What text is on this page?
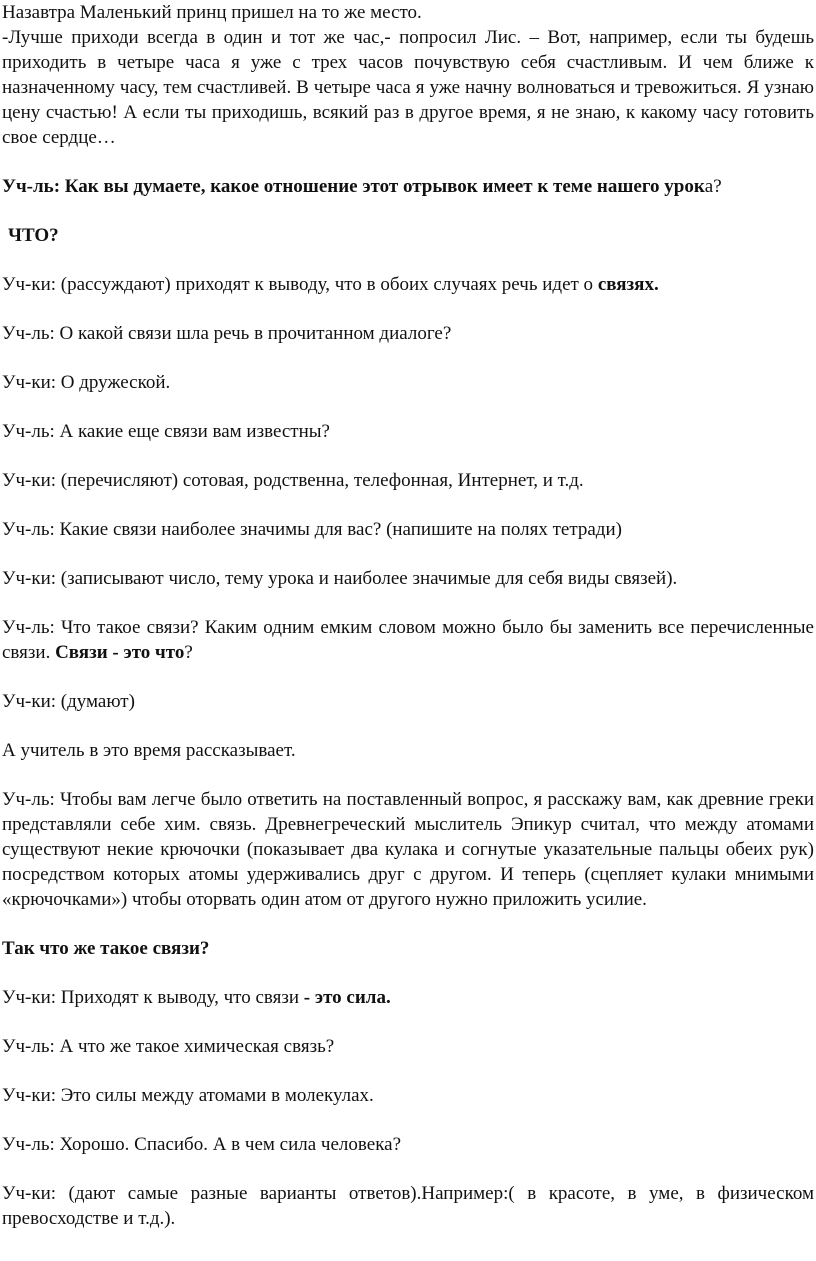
Назавтра Маленький принц пришел на то же место.

-Лучше приходи всегда в один и тот же час,- попросил Лис. – Вот, например, если ты будешь приходить в четыре часа я уже с трех часов почувствую себя счастливым. И чем ближе к назначенному часу, тем счастливей. В четыре часа я уже начну волноваться и тревожиться. Я узнаю цену счастью! А если ты приходишь, всякий раз в другое время, я не знаю, к какому часу готовить свое сердце…

Уч-ль: Как вы думаете, какое отношение этот отрывок имеет к теме нашего урока?

ЧТО?

Уч-ки: (рассуждают) приходят к выводу, что в обоих случаях речь идет о связях.

Уч-ль: О какой связи шла речь в прочитанном диалоге?

Уч-ки: О дружеской.

Уч-ль: А какие еще связи вам известны?

Уч-ки: (перечисляют) сотовая, родственна, телефонная, Интернет, и т.д.

Уч-ль: Какие связи наиболее значимы для вас? (напишите на полях тетради)

Уч-ки: (записывают число, тему урока и наиболее значимые для себя виды связей).

Уч-ль: Что такое связи? Каким одним емким словом можно было бы заменить все перечисленные связи. Связи - это что?

Уч-ки: (думают)

А учитель в это время рассказывает.

Уч-ль: Чтобы вам легче было ответить на поставленный вопрос, я расскажу вам, как древние греки представляли себе хим. связь. Древнегреческий мыслитель Эпикур считал, что между атомами существуют некие крючочки (показывает два кулака и согнутые указательные пальцы обеих рук) посредством которых атомы удерживались друг с другом. И теперь (сцепляет кулаки мнимыми «крючочками») чтобы оторвать один атом от другого нужно приложить усилие.

Так что же такое связи?

Уч-ки: Приходят к выводу, что связи - это сила.

Уч-ль: А что же такое химическая связь?

Уч-ки: Это силы между атомами в молекулах.

Уч-ль: Хорошо. Спасибо. А в чем сила человека?

Уч-ки: (дают самые разные варианты ответов).Например:( в красоте, в уме, в физическом превосходстве и т.д.).
